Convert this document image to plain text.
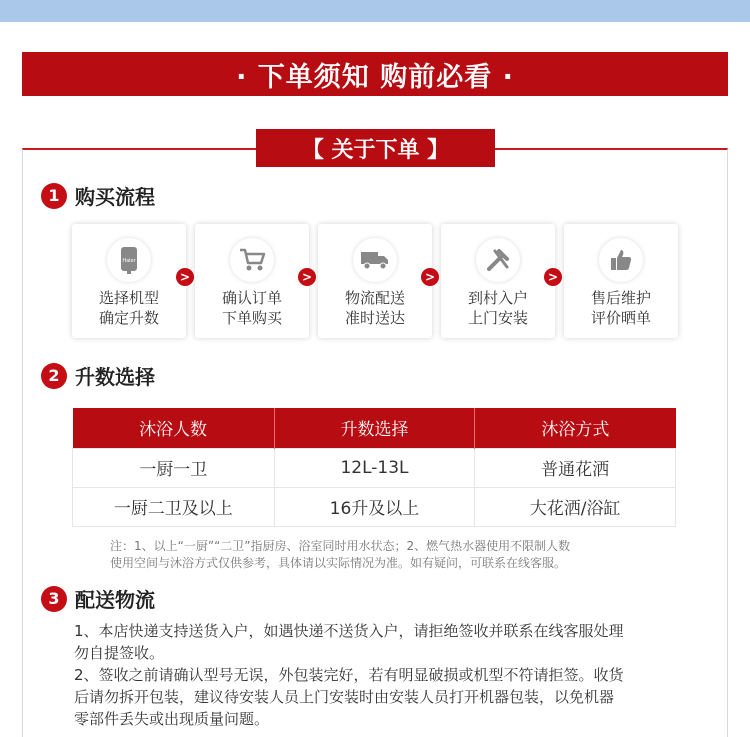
· 下单须知 购前必看 ·
【 关于下单 】
1 购买流程
Haier
选择机型
确定升数
>
确认订单
下单购买
>
物流配送
准时送达
>
到村入户
上门安装
>
售后维护
评价晒单
2 升数选择
沐浴人数	升数选择	沐浴方式
一厨一卫	12L-13L	普通花洒
一厨二卫及以上	16升及以上	大花洒/浴缸
注：1、以上“一厨”“二卫”指厨房、浴室同时用水状态；2、燃气热水器使用不限制人数
使用空间与沐浴方式仅供参考，具体请以实际情况为准。如有疑问，可联系在线客服。
3 配送物流
1、本店快递支持送货入户，如遇快递不送货入户，请拒绝签收并联系在线客服处理
勿自提签收。
2、签收之前请确认型号无误，外包装完好，若有明显破损或机型不符请拒签。收货
后请勿拆开包装，建议待安装人员上门安装时由安装人员打开机器包装，以免机器
零部件丢失或出现质量问题。
